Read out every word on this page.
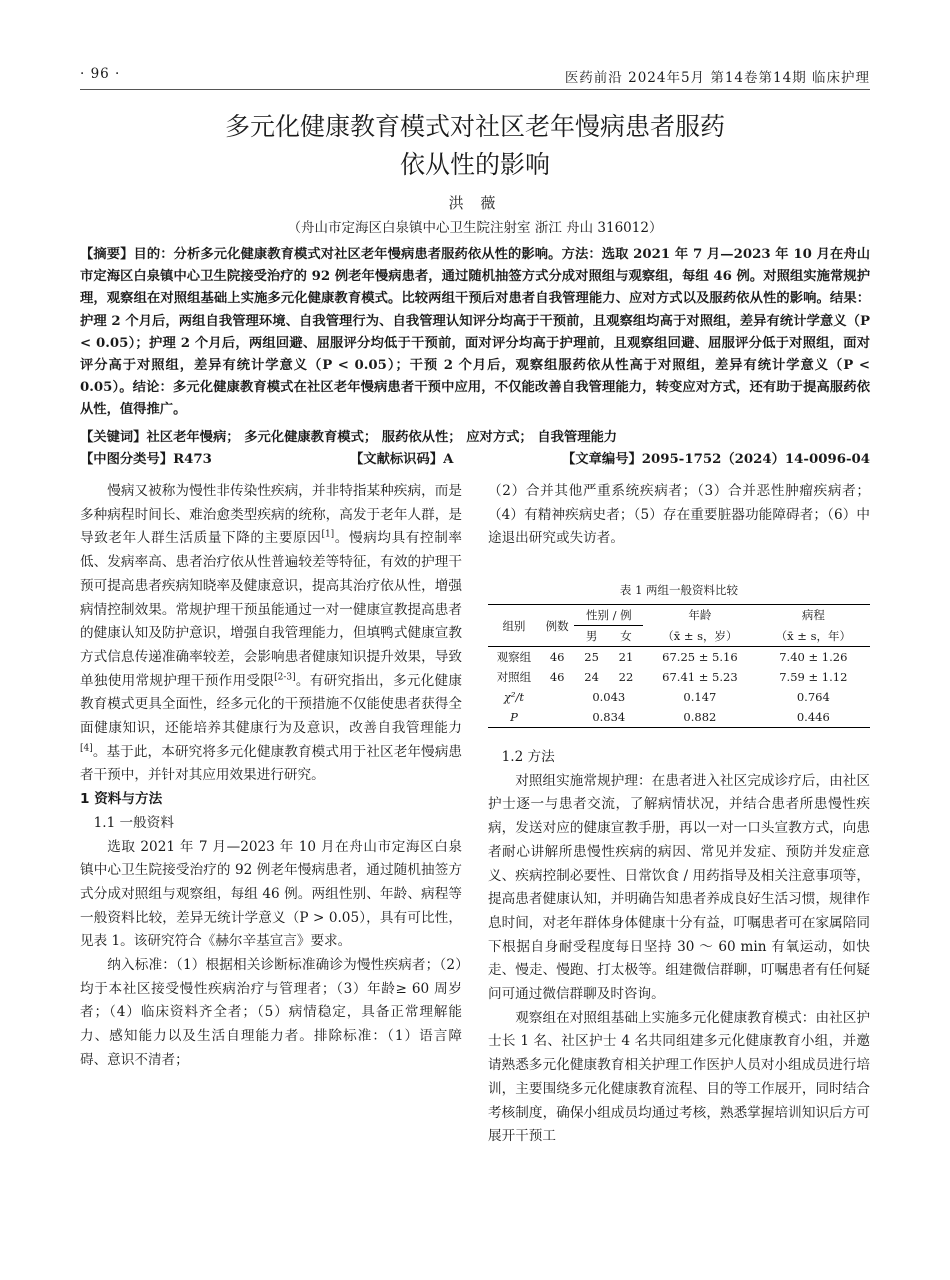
· 96 ·	医药前沿 2024年5月 第14卷第14期 临床护理
多元化健康教育模式对社区老年慢病患者服药
依从性的影响
洪 薇
（舟山市定海区白泉镇中心卫生院注射室 浙江 舟山 316012）
【摘要】目的：分析多元化健康教育模式对社区老年慢病患者服药依从性的影响。方法：选取 2021 年 7 月—2023 年 10 月在舟山市定海区白泉镇中心卫生院接受治疗的 92 例老年慢病患者，通过随机抽签方式分成对照组与观察组，每组 46 例。对照组实施常规护理，观察组在对照组基础上实施多元化健康教育模式。比较两组干预后对患者自我管理能力、应对方式以及服药依从性的影响。结果：护理 2 个月后，两组自我管理环境、自我管理行为、自我管理认知评分均高于干预前，且观察组均高于对照组，差异有统计学意义（P < 0.05）；护理 2 个月后，两组回避、屈服评分均低于干预前，面对评分均高于护理前，且观察组回避、屈服评分低于对照组，面对评分高于对照组，差异有统计学意义（P < 0.05）；干预 2 个月后，观察组服药依从性高于对照组，差异有统计学意义（P < 0.05）。结论：多元化健康教育模式在社区老年慢病患者干预中应用，不仅能改善自我管理能力，转变应对方式，还有助于提高服药依从性，值得推广。
【关键词】社区老年慢病； 多元化健康教育模式； 服药依从性； 应对方式； 自我管理能力
【中图分类号】R473	【文献标识码】A	【文章编号】2095-1752（2024）14-0096-04

慢病又被称为慢性非传染性疾病，并非特指某种疾病，而是多种病程时间长、难治愈类型疾病的统称，高发于老年人群，是导致老年人群生活质量下降的主要原因[1]。慢病均具有控制率低、发病率高、患者治疗依从性普遍较差等特征，有效的护理干预可提高患者疾病知晓率及健康意识，提高其治疗依从性，增强病情控制效果。常规护理干预虽能通过一对一健康宣教提高患者的健康认知及防护意识，增强自我管理能力，但填鸭式健康宣教方式信息传递准确率较差，会影响患者健康知识提升效果，导致单独使用常规护理干预作用受限[2-3]。有研究指出，多元化健康教育模式更具全面性，经多元化的干预措施不仅能使患者获得全面健康知识，还能培养其健康行为及意识，改善自我管理能力[4]。基于此，本研究将多元化健康教育模式用于社区老年慢病患者干预中，并针对其应用效果进行研究。

1 资料与方法

1.1 一般资料

选取 2021 年 7 月—2023 年 10 月在舟山市定海区白泉镇中心卫生院接受治疗的 92 例老年慢病患者，通过随机抽签方式分成对照组与观察组，每组 46 例。两组性别、年龄、病程等一般资料比较，差异无统计学意义（P > 0.05），具有可比性，见表 1。该研究符合《赫尔辛基宣言》要求。

纳入标准：（1）根据相关诊断标准确诊为慢性疾病者；（2）均于本社区接受慢性疾病治疗与管理者；（3）年龄≥ 60 周岁者；（4）临床资料齐全者；（5）病情稳定，具备正常理解能力、感知能力以及生活自理能力者。排除标准：（1）语言障碍、意识不清者；

（2）合并其他严重系统疾病者；（3）合并恶性肿瘤疾病者；（4）有精神疾病史者；（5）存在重要脏器功能障碍者；（6）中途退出研究或失访者。

表 1 两组一般资料比较
组别	例数	性别 / 例		年龄	病程
		男	女	（x̄ ± s，岁）	（x̄ ± s，年）
观察组	46	25	21	67.25 ± 5.16	7.40 ± 1.26
对照组	46	24	22	67.41 ± 5.23	7.59 ± 1.12
χ²/t		0.043		0.147	0.764
P		0.834		0.882	0.446

1.2 方法

对照组实施常规护理：在患者进入社区完成诊疗后，由社区护士逐一与患者交流，了解病情状况，并结合患者所患慢性疾病，发送对应的健康宣教手册，再以一对一口头宣教方式，向患者耐心讲解所患慢性疾病的病因、常见并发症、预防并发症意义、疾病控制必要性、日常饮食 / 用药指导及相关注意事项等，提高患者健康认知，并明确告知患者养成良好生活习惯，规律作息时间，对老年群体身体健康十分有益，叮嘱患者可在家属陪同下根据自身耐受程度每日坚持 30 ～ 60 min 有氧运动，如快走、慢走、慢跑、打太极等。组建微信群聊，叮嘱患者有任何疑问可通过微信群聊及时咨询。

观察组在对照组基础上实施多元化健康教育模式：由社区护士长 1 名、社区护士 4 名共同组建多元化健康教育小组，并邀请熟悉多元化健康教育相关护理工作医护人员对小组成员进行培训，主要围绕多元化健康教育流程、目的等工作展开，同时结合考核制度，确保小组成员均通过考核，熟悉掌握培训知识后方可展开干预工
